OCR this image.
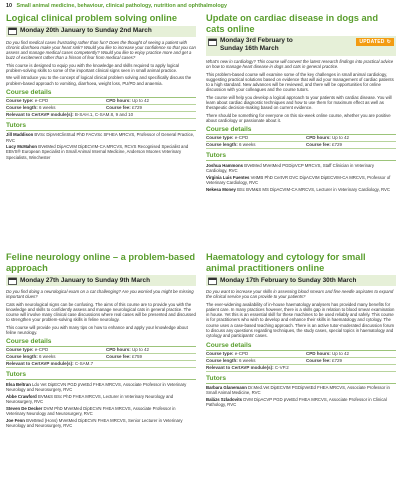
10 Small animal medicine, behaviour, clinical pathology, nutrition and ophthalmology
Logical clinical problem solving online
Monday 20th January to Sunday 2nd March

Do you find medical cases frustrating rather than fun? Does the thought of seeing a patient with chronic diarrhoea make your heart sink? Would you like to increase your confidence so that you can assess and manage medical cases competently? Would you like to enjoy practice more and get a buzz of excitement rather than a frisson of fear from medical cases?

This course is designed to equip you with the knowledge and skills required to apply logical problem-solving skills to some of the important clinical signs seen in small animal practice.

We will introduce you to the concept of logical clinical problem solving and specifically discuss the problem-based approach to vomiting, diarrhoea, weight loss, PU/PD and anaemia.

Course details
Course type: e-CPD	CPD hours: Up to 42
Course length: 6 weeks	Course fee: £729
Relevant to CertAVP module(s): B-SAH.1, C-SAM.8, 9 and 10
Tutors
Jill Maddison BVSc DipVetClinStud PhD FACVSc SFHEA MRCVS, Professor of General Practice, RVC
Lucy McMahon BVetMed DipACVIM DipECVIM-CA MRCVS, RCVS Recognised Specialist and EBVS® European Specialist in Small Animal Internal Medicine, Anderson Moores Veterinary Specialists, Winchester
Feline neurology online – a problem-based approach
Monday 27th January to Sunday 9th March

Do you find doing a neurological exam on a cat challenging? Are you worried you might be missing important clues?

Cats with neurological signs can be confusing. The aims of this course are to provide you with the knowledge and skills to confidently assess and manage neurological cats in general practice. The course will involve many clinical case discussions where real cases will be presented and discussed to strengthen your problem-solving skills in feline neurology.

This course will provide you with many tips on how to enhance and apply your knowledge about feline neurology.

Course details
Course type: e-CPD	CPD hours: Up to 42
Course length: 6 weeks	Course fee: £759
Relevant to CertAVP module(s): C-SAM.7
Tutors
Elsa Beltran Ldo Vet DipECVN PGD pVetEd FHEA MRCVS, Associate Professor in Veterinary Neurology and Neurosurgery, RVC
Abbe Crawford BVM&S BSc PhD FHEA MRCVS, Lecturer in Veterinary Neurology and Neurosurgery, RVC
Steven De Decker DVM PhD MVetMed DipECVN FHEA MRCVS, Associate Professor in Veterinary Neurology and Neurosurgery, RVC
Joe Fenn BVetMed (Hons) MVetMed DipECVN FHEA MRCVS, Senior Lecturer in Veterinary Neurology and Neurosurgery, RVC
Update on cardiac disease in dogs and cats online
Monday 3rd February to Sunday 16th March
UPDATED ↻

What's new in cardiology? This course will convert the latest research findings into practical advice on how to manage heart disease in dogs and cats in general practice.

This problem-based course will examine some of the key challenges in small animal cardiology, suggesting practical solutions based on evidence that will aid your management of cardiac patients to a high standard. New advances will be reviewed, and there will be opportunities for online discussion with your colleagues and the course tutors.

The course will help you develop a logical approach to your patients with cardiac disease. You will learn about cardiac diagnostic techniques and how to use them for maximum effect as well as therapeutic decision-making based on current evidence.

There should be something for everyone on this six-week online course, whether you are positive about cardiology or passionate about it.

Course details
Course type: e-CPD	CPD hours: Up to 42
Course length: 6 weeks	Course fee: £729
Tutors
Joshua Hammons BVetMed MVetMed PGDipVCP MRCVS, Staff Clinician in Veterinary Cardiology, RVC
Virginia Luis Fuentes VetMB PhD CertVR DVC DipACVIM DipECVIM-CA MRCVS, Professor of Veterinary Cardiology, RVC
Nekesa Money BSc BVM&S MS DipACVIM-CA MRCVS, Lecturer in Veterinary Cardiology, RVC
Haematology and cytology for small animal practitioners online
Monday 17th February to Sunday 30th March

Do you want to increase your skills in assessing blood smears and fine needle aspirates to expand the clinical service you can provide to your patients?

The ever-widening availability of in-house haematology analysers has provided many benefits for patient care. In many practices however, there is a skills gap in relation to blood smear examination in house. Yet this is an essential skill for these machines to be used reliably and safely. This course is for practitioners who wish to develop and enhance their skills in haematology and cytology. The course uses a case-based teaching approach. There is an active tutor-moderated discussion forum to discuss any questions regarding techniques, the study cases, special topics in haematology and cytology and participants' cases.

Course details
Course type: e-CPD	CPD hours: Up to 42
Course length: 6 weeks	Course fee: £729
Relevant to CertAVP module(s): C-VP.2
Tutors
Barbara Glanemann Dr.Med.Vet DipECVIM PGDipVetEd FHEA MRCVS, Associate Professor in Small Animal Medicine, RVC
Balázs Szladovits DVM DipACVP PGD pVetEd FHEA MRCVS, Associate Professor in Clinical Pathology, RVC
